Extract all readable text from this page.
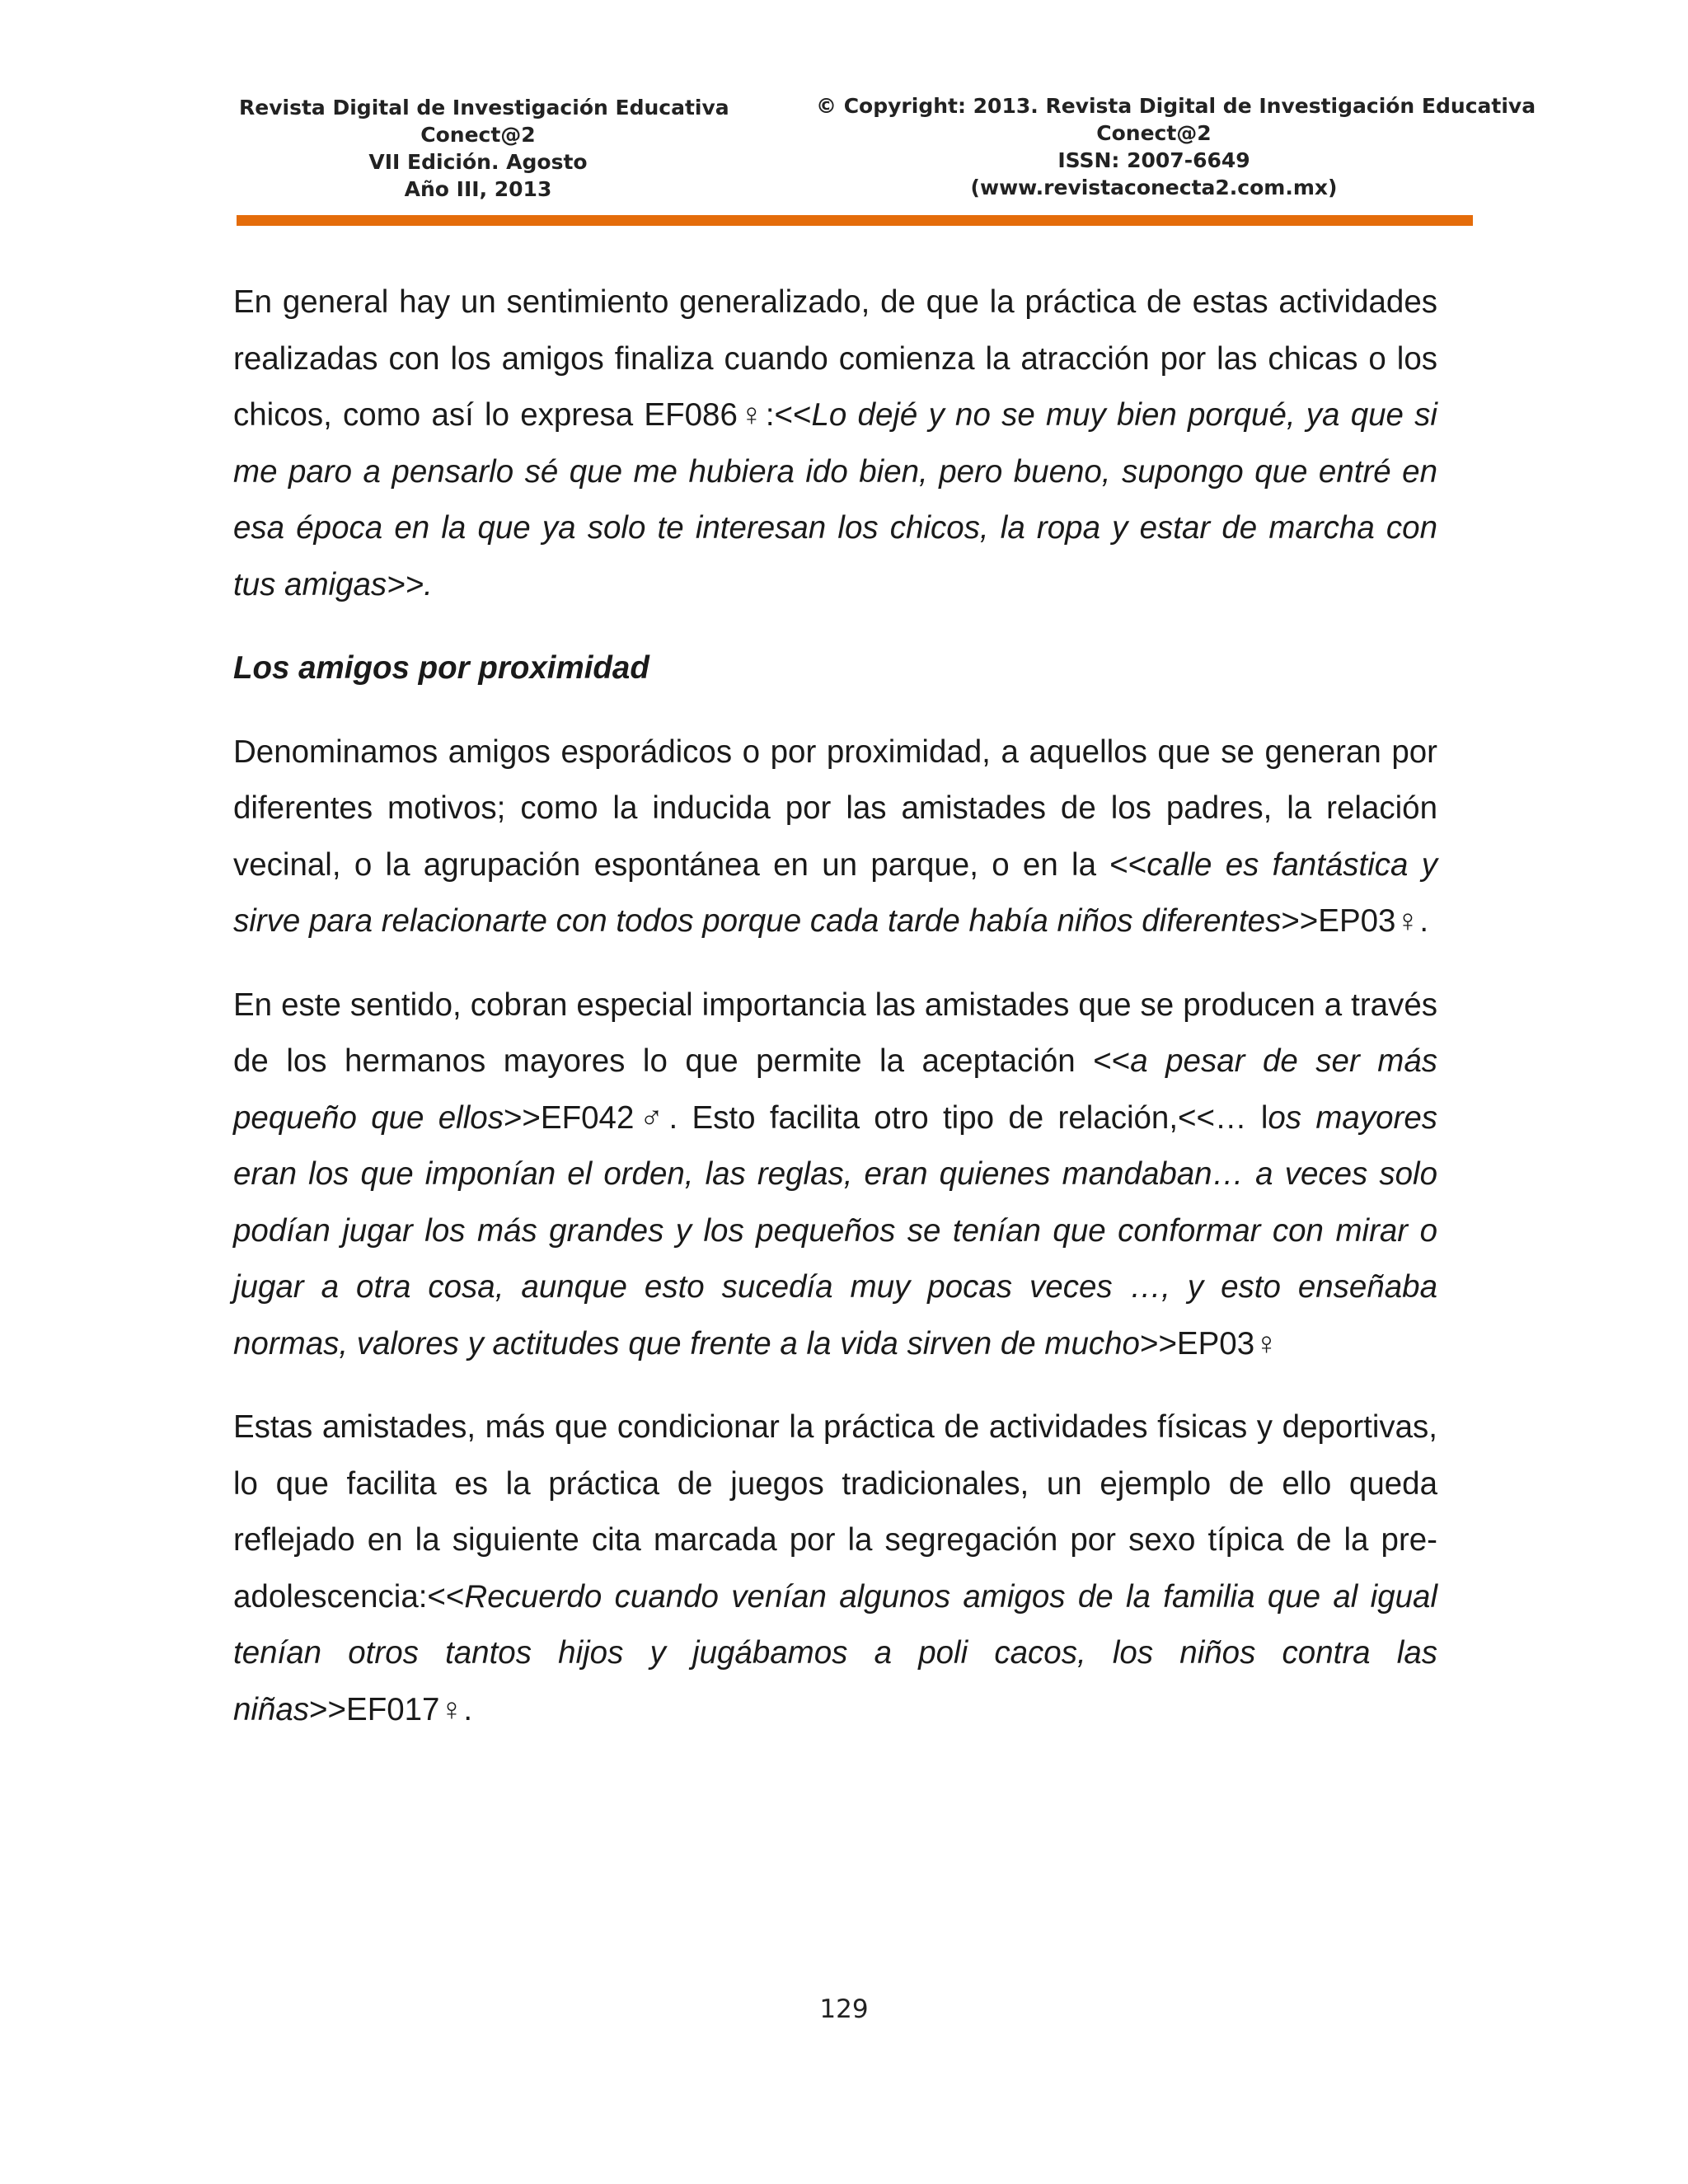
Revista Digital de Investigación Educativa
Conect@2
VII Edición. Agosto
Año III, 2013
© Copyright: 2013. Revista Digital de Investigación Educativa
Conect@2
ISSN: 2007-6649
(www.revistaconecta2.com.mx)

En general hay un sentimiento generalizado, de que la práctica de estas actividades realizadas con los amigos finaliza cuando comienza la atracción por las chicas o los chicos, como así lo expresa EF086♀:<<Lo dejé y no se muy bien porqué, ya que si me paro a pensarlo sé que me hubiera ido bien, pero bueno, supongo que entré en esa época en la que ya solo te interesan los chicos, la ropa y estar de marcha con tus amigas>>.

Los amigos por proximidad

Denominamos amigos esporádicos o por proximidad, a aquellos que se generan por diferentes motivos; como la inducida por las amistades de los padres, la relación vecinal, o la agrupación espontánea en un parque, o en la <<calle es fantástica y sirve para relacionarte con todos porque cada tarde había niños diferentes>>EP03♀.

En este sentido, cobran especial importancia las amistades que se producen a través de los hermanos mayores lo que permite la aceptación <<a pesar de ser más pequeño que ellos>>EF042♂. Esto facilita otro tipo de relación,<<… los mayores eran los que imponían el orden, las reglas, eran quienes mandaban… a veces solo podían jugar los más grandes y los pequeños se tenían que conformar con mirar o jugar a otra cosa, aunque esto sucedía muy pocas veces …, y esto enseñaba normas, valores y actitudes que frente a la vida sirven de mucho>>EP03♀

Estas amistades, más que condicionar la práctica de actividades físicas y deportivas, lo que facilita es la práctica de juegos tradicionales, un ejemplo de ello queda reflejado en la siguiente cita marcada por la segregación por sexo típica de la pre-adolescencia:<<Recuerdo cuando venían algunos amigos de la familia que al igual tenían otros tantos hijos y jugábamos a poli cacos, los niños contra las niñas>>EF017♀.

129
